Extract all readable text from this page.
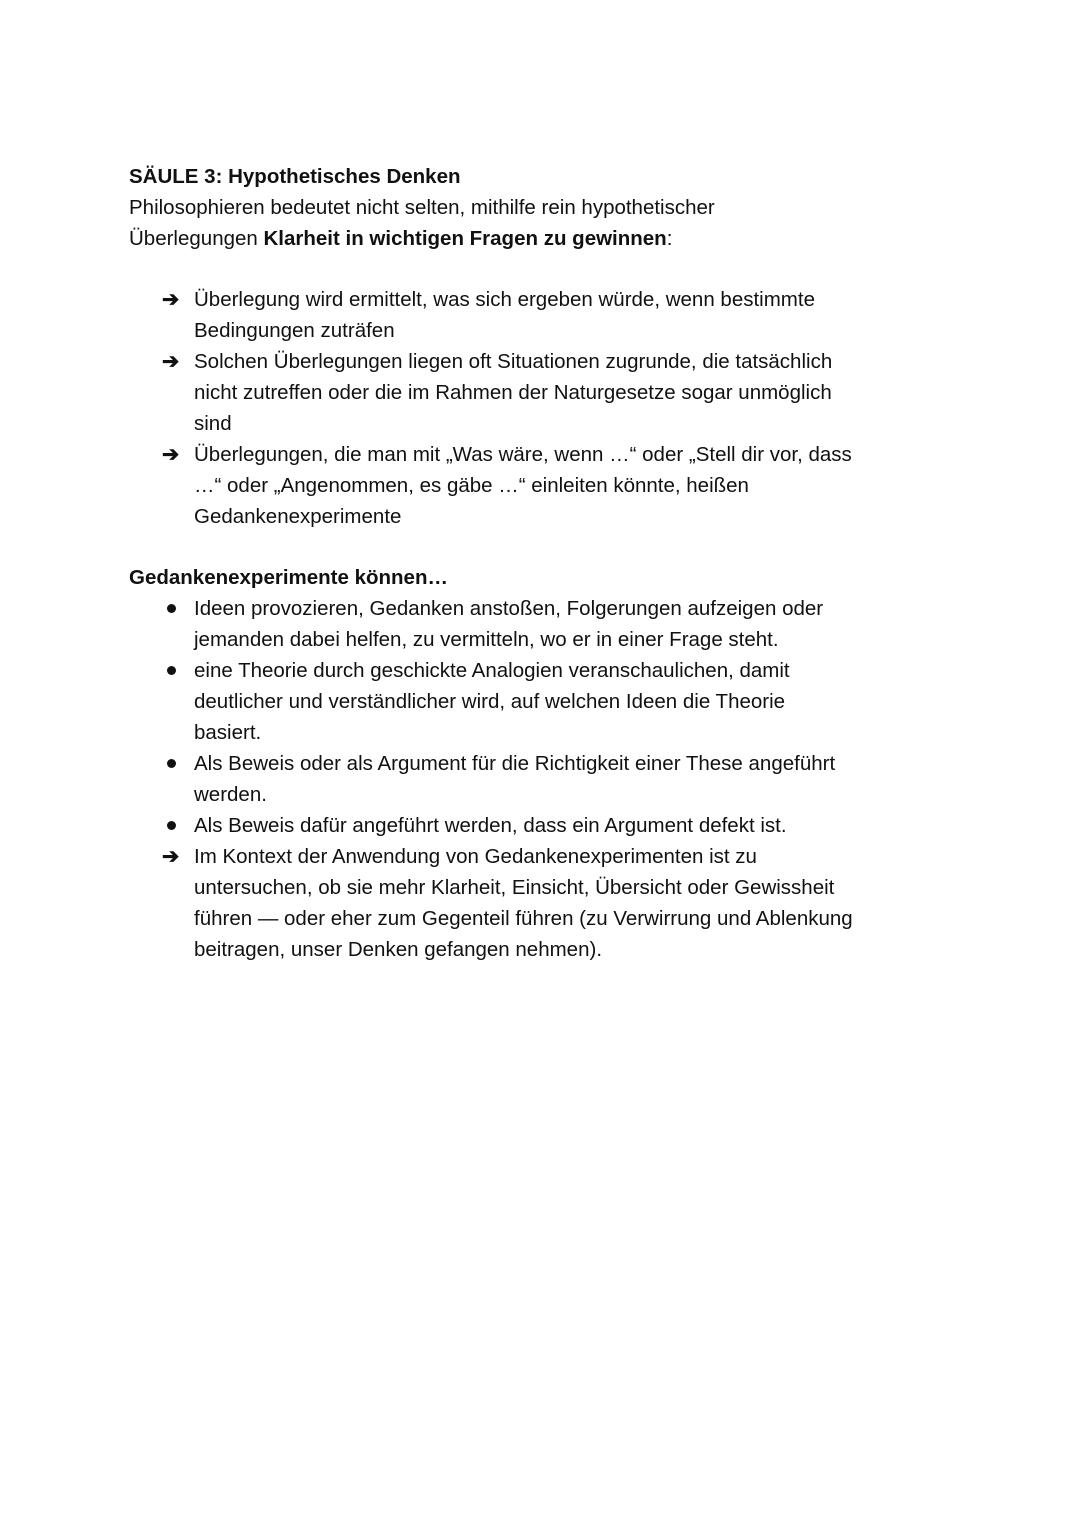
SÄULE 3: Hypothetisches Denken
Philosophieren bedeutet nicht selten, mithilfe rein hypothetischer
Überlegungen Klarheit in wichtigen Fragen zu gewinnen:
➔ Überlegung wird ermittelt, was sich ergeben würde, wenn bestimmte
Bedingungen zuträfen
➔ Solchen Überlegungen liegen oft Situationen zugrunde, die tatsächlich
nicht zutreffen oder die im Rahmen der Naturgesetze sogar unmöglich
sind
➔ Überlegungen, die man mit „Was wäre, wenn …“ oder „Stell dir vor, dass
…“ oder „Angenommen, es gäbe …“ einleiten könnte, heißen
Gedankenexperimente
Gedankenexperimente können…
Ideen provozieren, Gedanken anstoßen, Folgerungen aufzeigen oder
jemanden dabei helfen, zu vermitteln, wo er in einer Frage steht.
eine Theorie durch geschickte Analogien veranschaulichen, damit
deutlicher und verständlicher wird, auf welchen Ideen die Theorie
basiert.
Als Beweis oder als Argument für die Richtigkeit einer These angeführt
werden.
Als Beweis dafür angeführt werden, dass ein Argument defekt ist.
➔ Im Kontext der Anwendung von Gedankenexperimenten ist zu
untersuchen, ob sie mehr Klarheit, Einsicht, Übersicht oder Gewissheit
führen — oder eher zum Gegenteil führen (zu Verwirrung und Ablenkung
beitragen, unser Denken gefangen nehmen).
